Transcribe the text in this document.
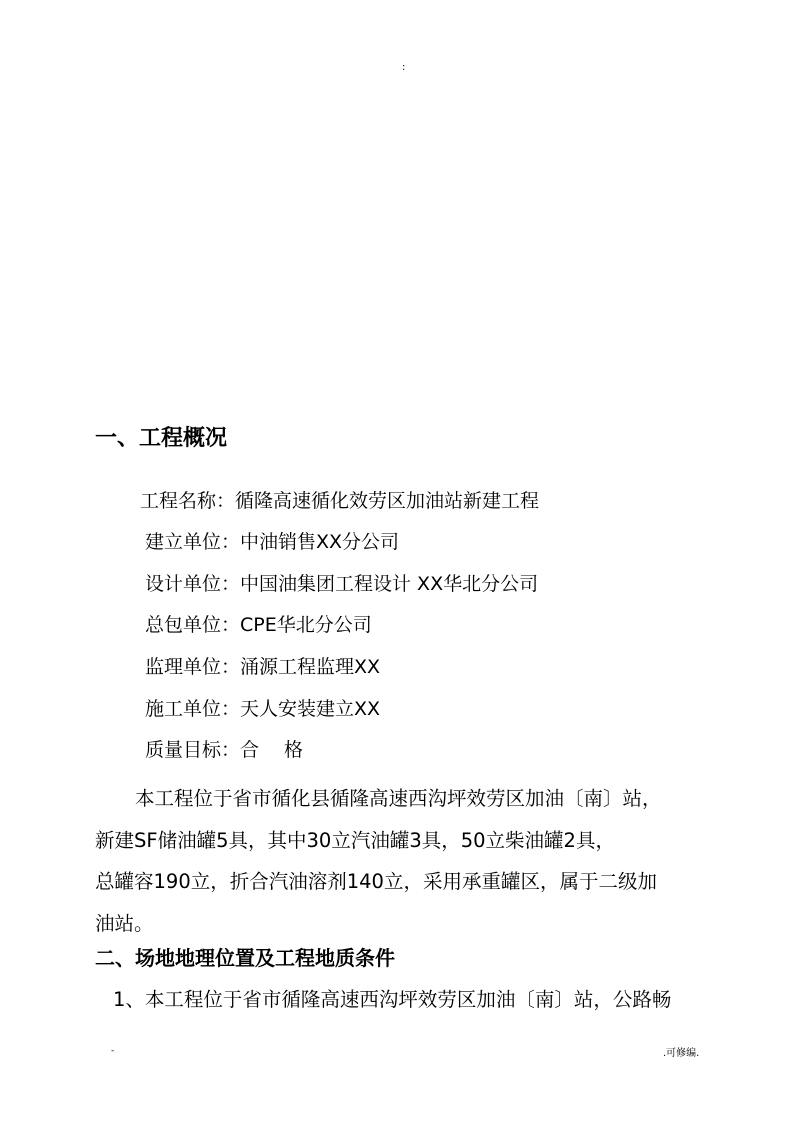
:
一、工程概况
工程名称：循隆高速循化效劳区加油站新建工程
建立单位：中油销售XX分公司
设计单位：中国油集团工程设计 XX华北分公司
总包单位：CPE华北分公司
监理单位：涌源工程监理XX
施工单位：天人安装建立XX
质量目标：合　 格
本工程位于省市循化县循隆高速西沟坪效劳区加油〔南〕站，
新建SF储油罐5具，其中30立汽油罐3具，50立柴油罐2具，
总罐容190立，折合汽油溶剂140立，采用承重罐区，属于二级加
油站。
二、场地地理位置及工程地质条件
1、本工程位于省市循隆高速西沟坪效劳区加油〔南〕站，公路畅
-	.可修编.
